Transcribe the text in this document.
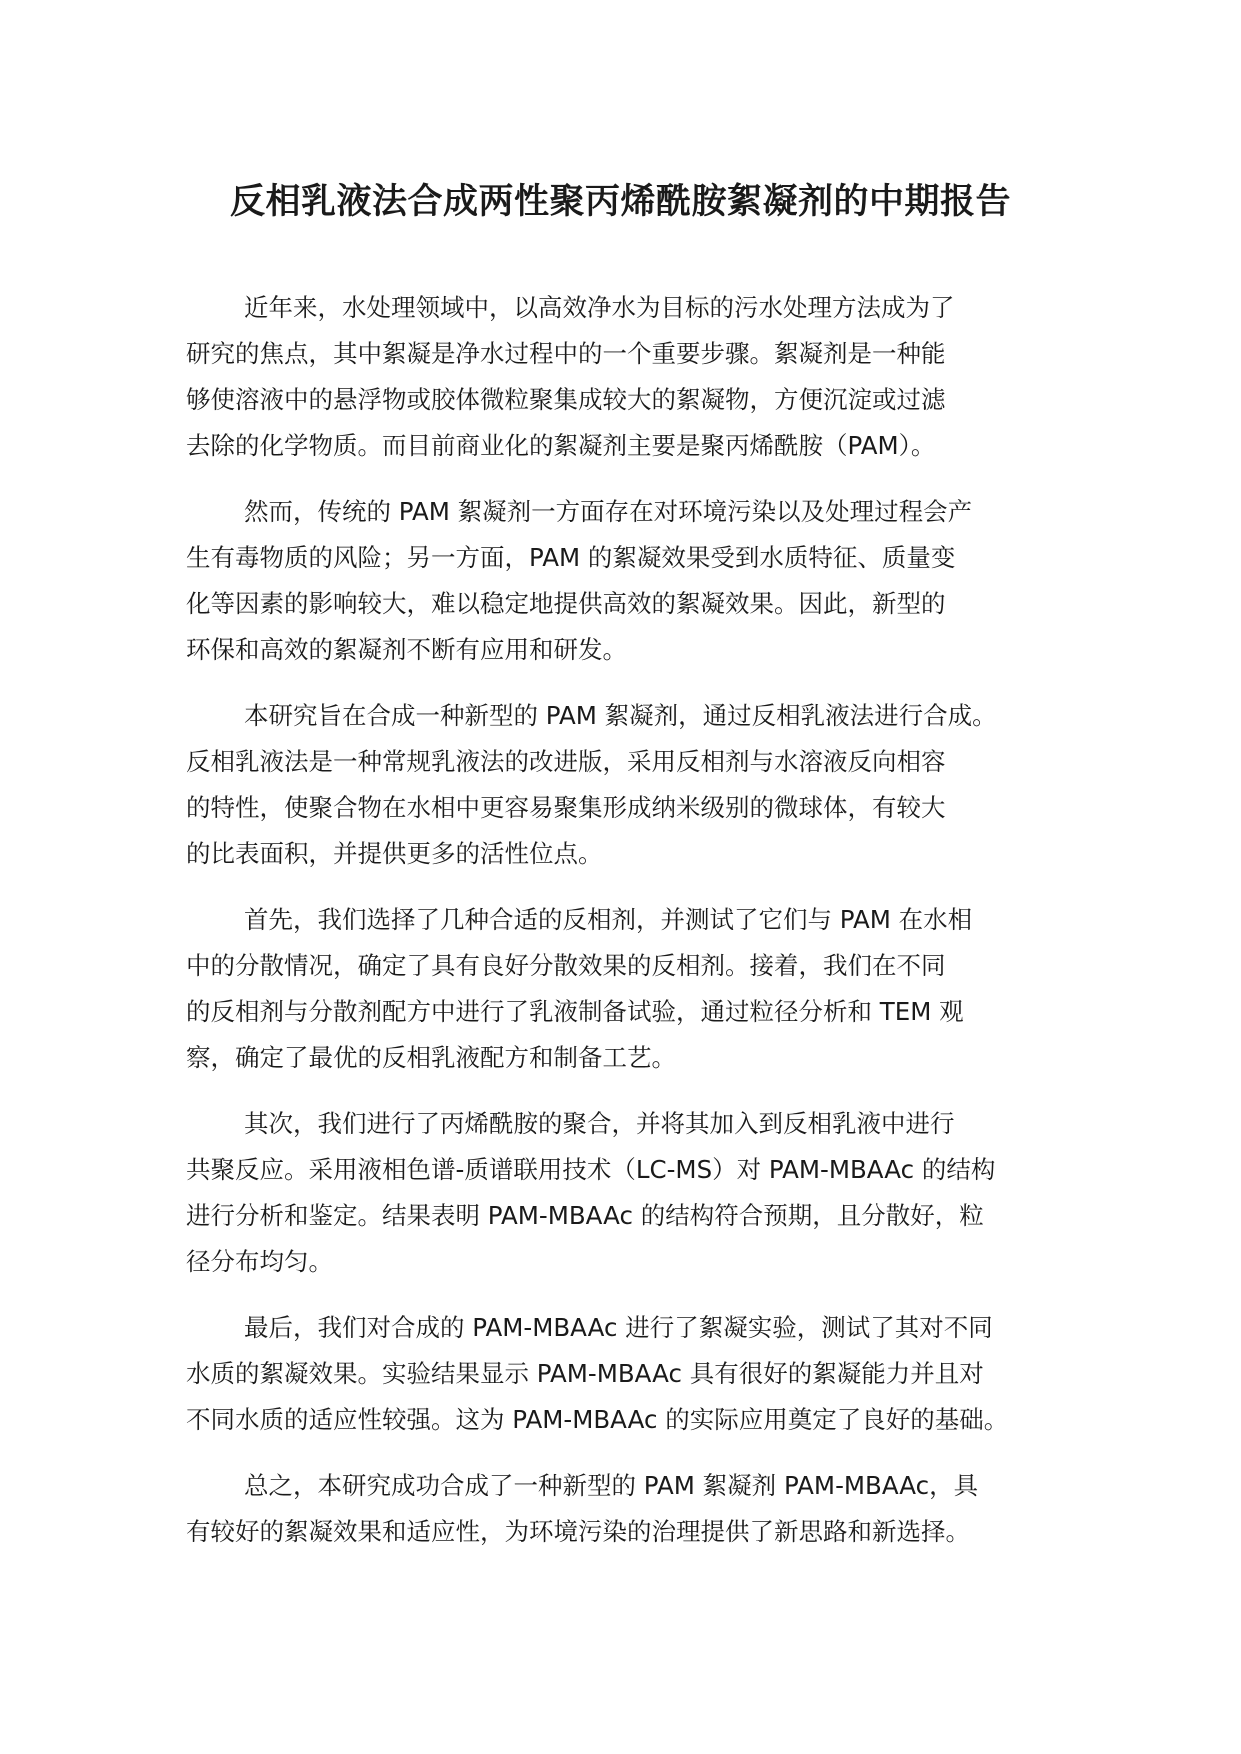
反相乳液法合成两性聚丙烯酰胺絮凝剂的中期报告
近年来，水处理领域中，以高效净水为目标的污水处理方法成为了
研究的焦点，其中絮凝是净水过程中的一个重要步骤。絮凝剂是一种能
够使溶液中的悬浮物或胶体微粒聚集成较大的絮凝物，方便沉淀或过滤
去除的化学物质。而目前商业化的絮凝剂主要是聚丙烯酰胺（PAM）。
然而，传统的 PAM 絮凝剂一方面存在对环境污染以及处理过程会产
生有毒物质的风险；另一方面，PAM 的絮凝效果受到水质特征、质量变
化等因素的影响较大，难以稳定地提供高效的絮凝效果。因此，新型的
环保和高效的絮凝剂不断有应用和研发。
本研究旨在合成一种新型的 PAM 絮凝剂，通过反相乳液法进行合成。
反相乳液法是一种常规乳液法的改进版，采用反相剂与水溶液反向相容
的特性，使聚合物在水相中更容易聚集形成纳米级别的微球体，有较大
的比表面积，并提供更多的活性位点。
首先，我们选择了几种合适的反相剂，并测试了它们与 PAM 在水相
中的分散情况，确定了具有良好分散效果的反相剂。接着，我们在不同
的反相剂与分散剂配方中进行了乳液制备试验，通过粒径分析和 TEM 观
察，确定了最优的反相乳液配方和制备工艺。
其次，我们进行了丙烯酰胺的聚合，并将其加入到反相乳液中进行
共聚反应。采用液相色谱-质谱联用技术（LC-MS）对 PAM-MBAAc 的结构
进行分析和鉴定。结果表明 PAM-MBAAc 的结构符合预期，且分散好，粒
径分布均匀。
最后，我们对合成的 PAM-MBAAc 进行了絮凝实验，测试了其对不同
水质的絮凝效果。实验结果显示 PAM-MBAAc 具有很好的絮凝能力并且对
不同水质的适应性较强。这为 PAM-MBAAc 的实际应用奠定了良好的基础。
总之，本研究成功合成了一种新型的 PAM 絮凝剂 PAM-MBAAc，具
有较好的絮凝效果和适应性，为环境污染的治理提供了新思路和新选择。
